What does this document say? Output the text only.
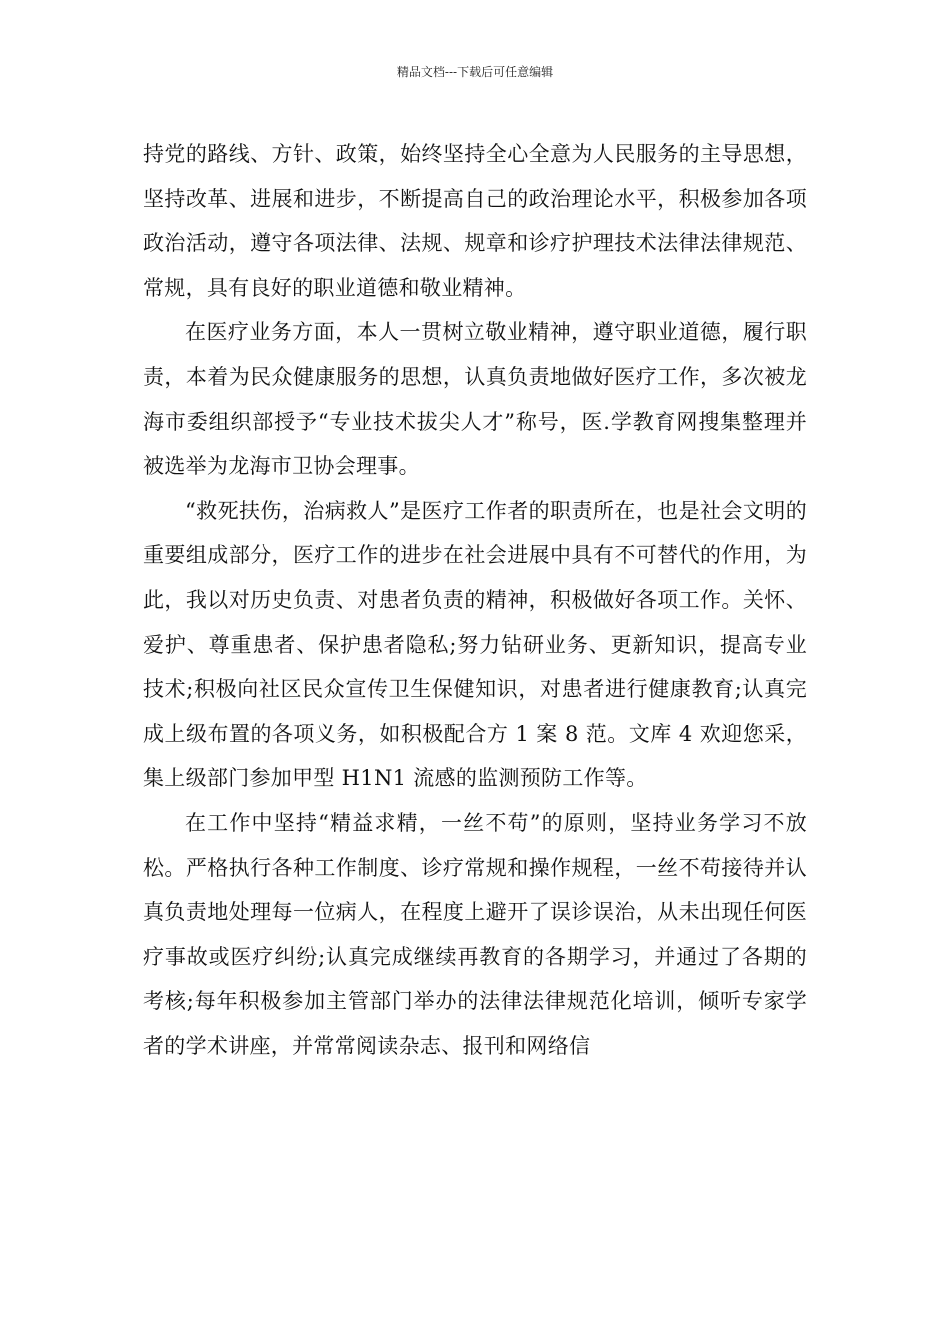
精品文档---下载后可任意编辑

持党的路线、方针、政策，始终坚持全心全意为人民服务的主导思想，坚持改革、进展和进步，不断提高自己的政治理论水平，积极参加各项政治活动，遵守各项法律、法规、规章和诊疗护理技术法律法律规范、常规，具有良好的职业道德和敬业精神。

在医疗业务方面，本人一贯树立敬业精神，遵守职业道德，履行职责，本着为民众健康服务的思想，认真负责地做好医疗工作，多次被龙海市委组织部授予“专业技术拔尖人才”称号，医.学教育网搜集整理并被选举为龙海市卫协会理事。

“救死扶伤，治病救人”是医疗工作者的职责所在，也是社会文明的重要组成部分，医疗工作的进步在社会进展中具有不可替代的作用，为此，我以对历史负责、对患者负责的精神，积极做好各项工作。关怀、爱护、尊重患者、保护患者隐私;努力钻研业务、更新知识，提高专业技术;积极向社区民众宣传卫生保健知识，对患者进行健康教育;认真完成上级布置的各项义务，如积极配合方 1 案 8 范。文库 4 欢迎您采，集上级部门参加甲型 H1N1 流感的监测预防工作等。

在工作中坚持“精益求精，一丝不苟”的原则，坚持业务学习不放松。严格执行各种工作制度、诊疗常规和操作规程，一丝不苟接待并认真负责地处理每一位病人，在程度上避开了误诊误治，从未出现任何医疗事故或医疗纠纷;认真完成继续再教育的各期学习，并通过了各期的考核;每年积极参加主管部门举办的法律法律规范化培训，倾听专家学者的学术讲座，并常常阅读杂志、报刊和网络信
